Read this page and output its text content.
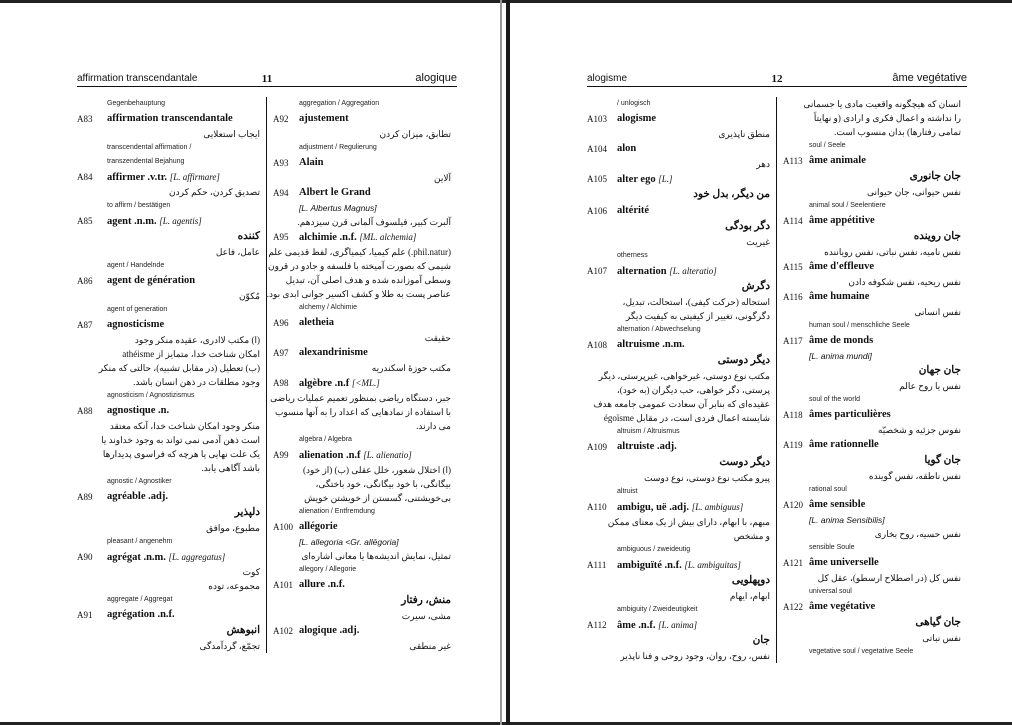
affirmation transcendantale	11	alogique
Gegenbehauptung
A83 affirmation transcendantale
ایجاب استعلایی
transcendental affirmation /
transzendental Bejahung
A84 affirmer .v.tr. [L. affirmare]
تصدیق کردن، حکم کردن
to affirm / bestätigen
A85 agent .n.m. [L. agentis]
کننده
عامل، فاعل
agent / Handelnde
A86 agent de génération
مُکوّن
agent of generation
A87 agnosticisme
(ا) مکتب لاادری، عقیده منکر وجود
امکان شناخت خدا، متمایز از athéisme
(ب) تعطیل (در مقابل تشبیه)، حالتی که منکر
وجود مطلقات در ذهن انسان باشد.
agnosticism / Agnostizismus
A88 agnostique .n.
منکر وجود امکان شناخت خدا، آنکه معتقد
است ذهن آدمی نمی تواند به وجود خداوند یا
یک علت نهایی یا هرچه که فراسوی پدیدارها
باشد آگاهی یابد.
agnostic / Agnostiker
A89 agréable .adj.
دلپذیر
مطبوع، موافق
pleasant / angenehm
A90 agrégat .n.m. [L. aggregatus]
کوت
مجموعه، توده
aggregate / Aggregat
A91 agrégation .n.f.
انبوهش
تجمّع، گردآمدگی
aggregation / Aggregation
A92 ajustement
تطابق، میزان کردن
adjustment / Regulierung
A93 Alain
آلاین
A94 Albert le Grand
[L. Albertus Magnus]
آلبرت کبیر، فیلسوف آلمانی قرن سیزدهم.
A95 alchimie .n.f. [ML. alchemia]
(phil.natur.) علم کیمیا، کیمیاگری، لفظ قدیمی علم
شیمی که بصورت آمیخته با فلسفه و جادو در قرون
وسطی آموزانده شده و هدف اصلی آن، تبدیل
عناصر پست به طلا و کشف اکسیر جوانی ابدی بود.
alchemy / Alchimie
A96 aletheia
حقیقت
A97 alexandrinisme
مکتب حوزهٔ اسکندریه
A98 algèbre .n.f [<ML.]
جبر، دستگاه ریاضی بمنظور تعمیم عملیات ریاضی
با استفاده از نمادهایی که اعداد را به آنها منسوب
می دارند.
algebra / Algebra
A99 alienation .n.f [L. alienatio]
(ا) اختلال شعور، خلل عقلی (ب) (از خود)
بیگانگی، با خود بیگانگی، خود باختگی،
بی‌خویشتنی، گسستن از خویشتن خویش
alienation / Entfremdung
A100 allégorie
[L. allegoria <Gr. allēgoria]
تمثیل، نمایش اندیشه‌ها یا معانی اشاره‌ای
allegory / Allegorie
A101 allure .n.f.
منش، رفتار
مشی، سیرت
A102 alogique .adj.
غیر منطقی
alogisme	12	âme vegétative
/ unlogisch
A103 alogisme
منطق ناپذیری
A104 alon
دهر
A105 alter ego [L.]
من دیگر، بدل خود
A106 altérité
دگر بودگی
غیریت
otherness
A107 alternation [L. alteratio]
دگرش
استحاله (حرکت کیفی)، استحالت، تبدیل،
دگرگونی، تغییر از کیفیتی به کیفیت دیگر
alternation / Abwechselung
A108 altruisme .n.m.
دیگر دوستی
مکتب نوع دوستی، غیرخواهی، غیرپرستی، دیگر
پرستی، دگر خواهی، حب دیگران (به خود)،
عقیده‌ای که بنابر آن سعادت عمومی جامعه هدف
شایسته اعمال فردی است، در مقابل égoïsme
altruism / Altruismus
A109 altruiste .adj.
دیگر دوست
پیرو مکتب نوع دوستی، نوع دوست
altruist
A110 ambigu, uë .adj. [L. ambiguus]
مبهم، با ابهام، دارای بیش از یک معنای ممکن
و مشخص
ambiguous / zweideutig
A111 ambiguïté .n.f. [L. ambiguitas]
دوپهلویی
ابهام، ایهام
ambiguity / Zweideutigkeit
A112 âme .n.f. [L. anima]
جان
نفس، روح، روان، وجود روحی و فنا ناپذیر
انسان که هیچگونه واقعیت مادی یا جسمانی
را نداشته و اعمال فکری و ارادی (و نهایتاً
تمامی رفتارها) بدان منسوب است.
soul / Seele
A113 âme animale
جان جانوری
نفس حیوانی، جان حیوانی
animal soul / Seelentiere
A114 âme appétitive
جان روینده
نفس نامیه، نفس نباتی، نفس رویاننده
A115 âme d'effleuve
نفس ریحیه، نفس شکوفه دادن
A116 âme humaine
نفس انسانی
human soul / menschliche Seele
A117 âme de monds
[L. anima mundi]
جان جهان
نفس یا روح عالم
soul of the world
A118 âmes particulières
نفوس جزئیه و شخصیّه
A119 âme rationnelle
جان گویا
نفس ناطقه، نفس گوینده
rational soul
A120 âme sensible
[L. anima Sensibilis]
نفس حسیه، روح بخاری
sensible Soule
A121 âme universelle
نفس کل (در اصطلاح ارسطو)، عقل کل
universal soul
A122 âme vegétative
جان گیاهی
نفس نباتی
vegetative soul / vegetative Seele
